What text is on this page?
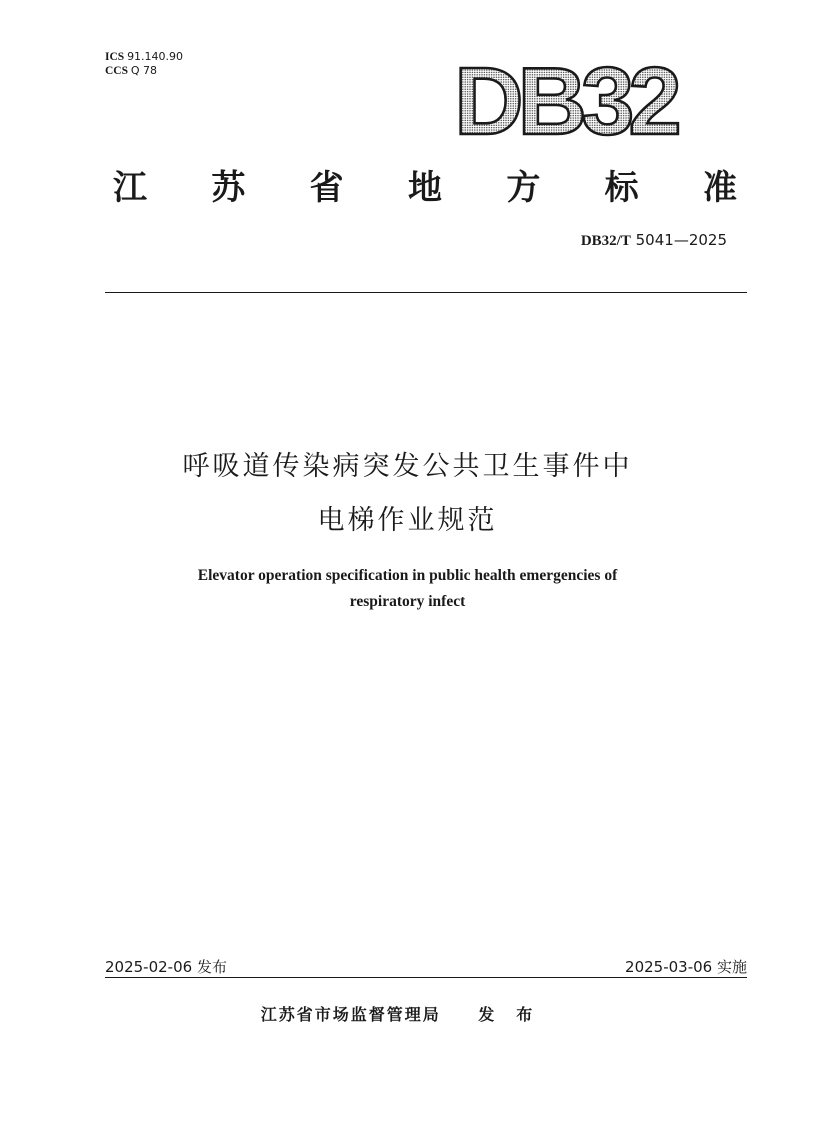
ICS 91.140.90
CCS Q 78	DB32
江	苏	省	地	方	标	准
DB32/T 5041—2025
呼吸道传染病突发公共卫生事件中
电梯作业规范
Elevator operation specification in public health emergencies of
respiratory infect
2025-02-06 发布	2025-03-06 实施
江苏省市场监督管理局 发布
